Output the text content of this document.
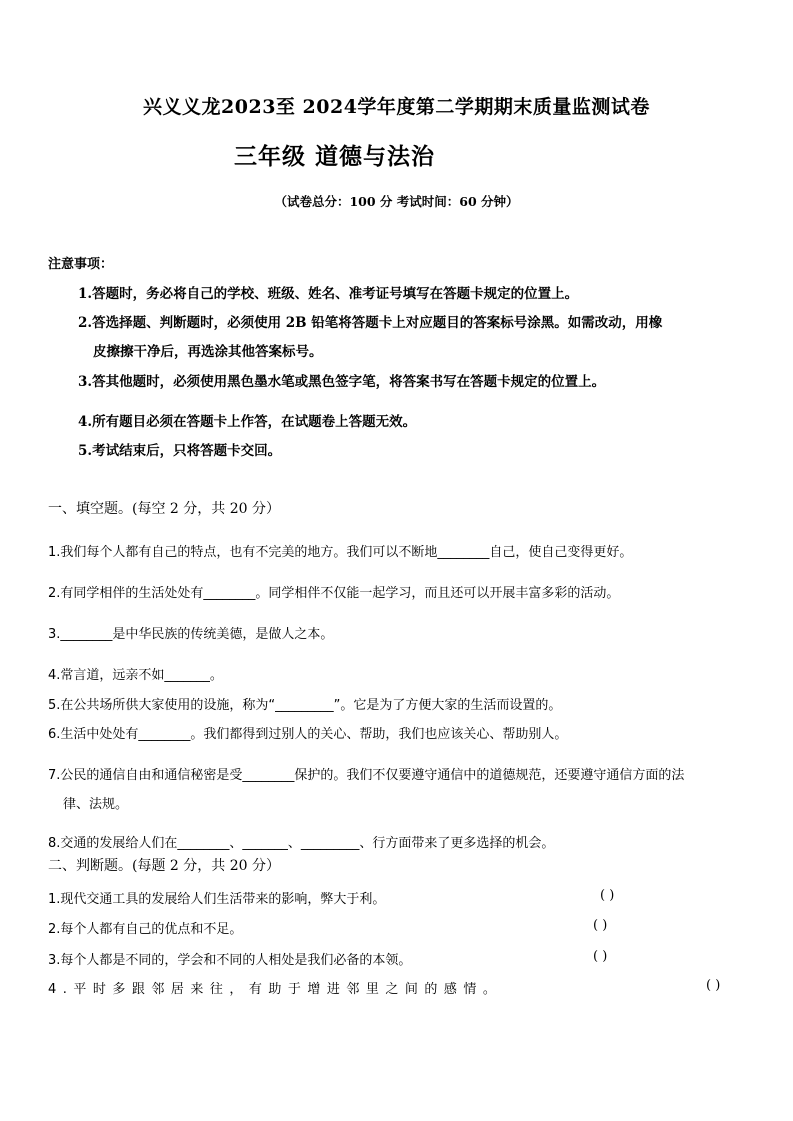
兴义义龙2023至 2024学年度第二学期期末质量监测试卷
三年级 道德与法治
（试卷总分：100 分 考试时间：60 分钟）
注意事项：
1.答题时，务必将自己的学校、班级、姓名、准考证号填写在答题卡规定的位置上。
2.答选择题、判断题时，必须使用 2B 铅笔将答题卡上对应题目的答案标号涂黑。如需改动，用橡
皮擦擦干净后，再选涂其他答案标号。
3.答其他题时，必须使用黑色墨水笔或黑色签字笔，将答案书写在答题卡规定的位置上。
4.所有题目必须在答题卡上作答，在试题卷上答题无效。
5.考试结束后，只将答题卡交回。
一、填空题。(每空 2 分，共 20 分）
1.我们每个人都有自己的特点，也有不完美的地方。我们可以不断地________自己，使自己变得更好。
2.有同学相伴的生活处处有________。同学相伴不仅能一起学习，而且还可以开展丰富多彩的活动。
3.________是中华民族的传统美德，是做人之本。
4.常言道，远亲不如_______。
5.在公共场所供大家使用的设施，称为“_________”。它是为了方便大家的生活而设置的。
6.生活中处处有________。我们都得到过别人的关心、帮助，我们也应该关心、帮助别人。
7.公民的通信自由和通信秘密是受________保护的。我们不仅要遵守通信中的道德规范，还要遵守通信方面的法
律、法规。
8.交通的发展给人们在________、_______、_________、行方面带来了更多选择的机会。
二、判断题。(每题 2 分，共 20 分）
1.现代交通工具的发展给人们生活带来的影响，弊大于利。	( )
2.每个人都有自己的优点和不足。	( )
3.每个人都是不同的，学会和不同的人相处是我们必备的本领。	( )
4.平时多跟邻居来往，有助于增进邻里之间的感情。	( )
